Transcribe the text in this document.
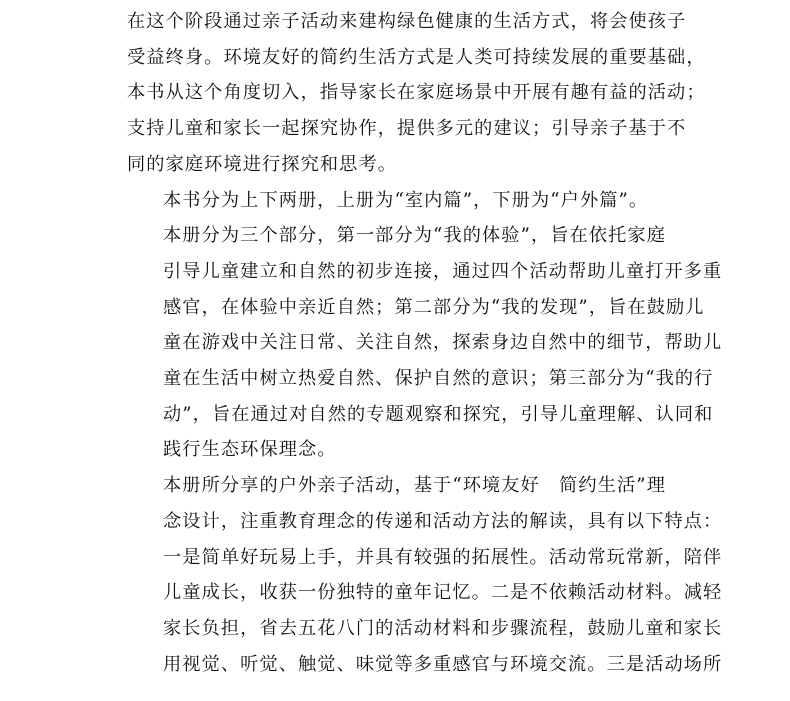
在这个阶段通过亲子活动来建构绿色健康的生活方式，将会使孩子
受益终身。环境友好的简约生活方式是人类可持续发展的重要基础，
本书从这个角度切入，指导家长在家庭场景中开展有趣有益的活动；
支持儿童和家长一起探究协作，提供多元的建议；引导亲子基于不
同的家庭环境进行探究和思考。

本书分为上下两册，上册为“室内篇”，下册为“户外篇”。

本册分为三个部分，第一部分为“我的体验”，旨在依托家庭
引导儿童建立和自然的初步连接，通过四个活动帮助儿童打开多重
感官，在体验中亲近自然；第二部分为“我的发现”，旨在鼓励儿
童在游戏中关注日常、关注自然，探索身边自然中的细节，帮助儿
童在生活中树立热爱自然、保护自然的意识；第三部分为“我的行
动”，旨在通过对自然的专题观察和探究，引导儿童理解、认同和
践行生态环保理念。

本册所分享的户外亲子活动，基于“环境友好　简约生活”理
念设计，注重教育理念的传递和活动方法的解读，具有以下特点：
一是简单好玩易上手，并具有较强的拓展性。活动常玩常新，陪伴
儿童成长，收获一份独特的童年记忆。二是不依赖活动材料。减轻
家长负担，省去五花八门的活动材料和步骤流程，鼓励儿童和家长
用视觉、听觉、触觉、味觉等多重感官与环境交流。三是活动场所
